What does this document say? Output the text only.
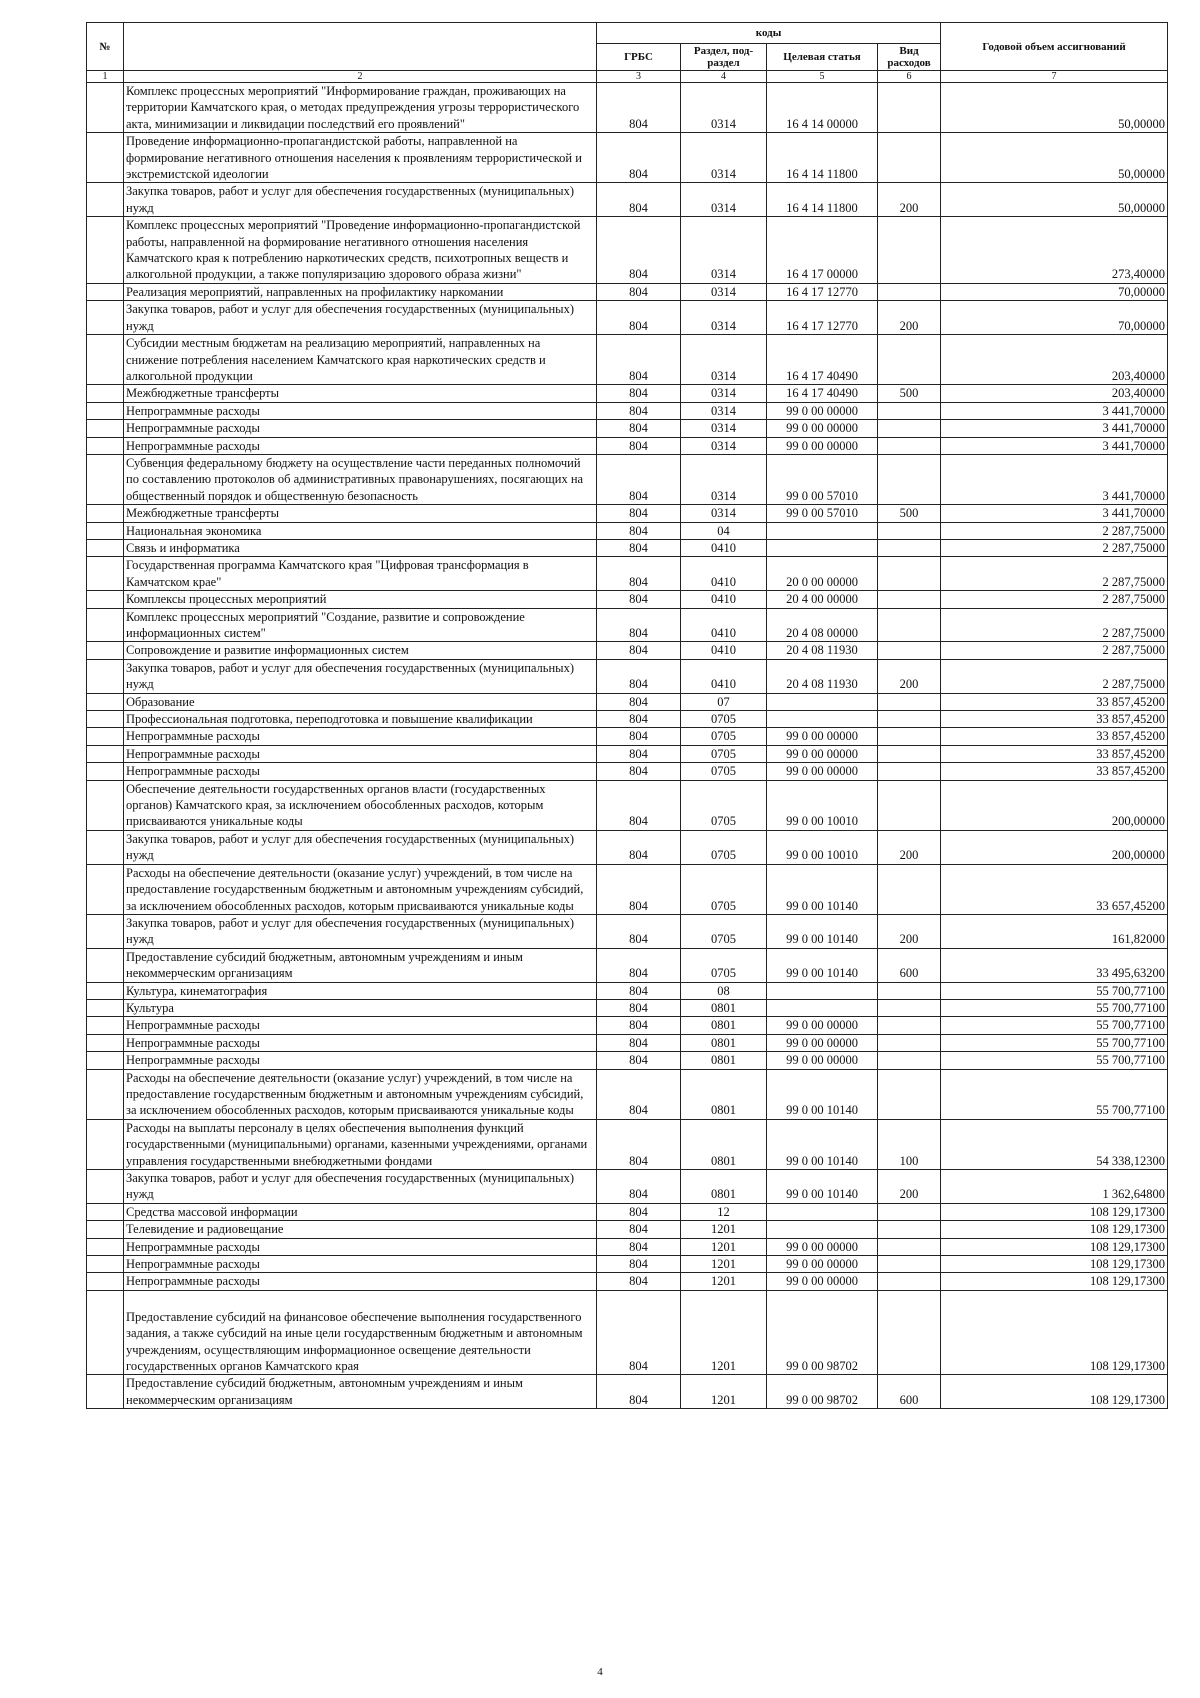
№		коды				Годовой объем ассигнований
		ГРБС	Раздел, под-раздел	Целевая статья	Вид расходов	
1	2	3	4	5	6	7
	Комплекс процессных мероприятий "Информирование граждан, проживающих на территории Камчатского края, о методах предупреждения угрозы террористического акта, минимизации и ликвидации последствий его проявлений"	804	0314	16 4 14 00000		50,00000
	Проведение информационно-пропагандистской работы, направленной на формирование негативного отношения населения к проявлениям террористической и экстремистской идеологии	804	0314	16 4 14 11800		50,00000
	Закупка товаров, работ и услуг для обеспечения государственных (муниципальных) нужд	804	0314	16 4 14 11800	200	50,00000
	Комплекс процессных мероприятий "Проведение информационно-пропагандистской работы, направленной на формирование негативного отношения населения Камчатского края к потреблению наркотических средств, психотропных веществ и алкогольной продукции, а также популяризацию здорового образа жизни"	804	0314	16 4 17 00000		273,40000
	Реализация мероприятий, направленных на профилактику наркомании	804	0314	16 4 17 12770		70,00000
	Закупка товаров, работ и услуг для обеспечения государственных (муниципальных) нужд	804	0314	16 4 17 12770	200	70,00000
	Субсидии местным бюджетам на реализацию мероприятий, направленных на снижение потребления населением Камчатского края наркотических средств и алкогольной продукции	804	0314	16 4 17 40490		203,40000
	Межбюджетные трансферты	804	0314	16 4 17 40490	500	203,40000
	Непрограммные расходы	804	0314	99 0 00 00000		3 441,70000
	Непрограммные расходы	804	0314	99 0 00 00000		3 441,70000
	Непрограммные расходы	804	0314	99 0 00 00000		3 441,70000
	Субвенция федеральному бюджету на осуществление части переданных полномочий по составлению протоколов об административных правонарушениях, посягающих на общественный порядок и общественную безопасность	804	0314	99 0 00 57010		3 441,70000
	Межбюджетные трансферты	804	0314	99 0 00 57010	500	3 441,70000
	Национальная экономика	804	04			2 287,75000
	Связь и информатика	804	0410			2 287,75000
	Государственная программа Камчатского края "Цифровая трансформация в Камчатском крае"	804	0410	20 0 00 00000		2 287,75000
	Комплексы процессных мероприятий	804	0410	20 4 00 00000		2 287,75000
	Комплекс процессных мероприятий "Создание, развитие и сопровождение информационных систем"	804	0410	20 4 08 00000		2 287,75000
	Сопровождение и развитие информационных систем	804	0410	20 4 08 11930		2 287,75000
	Закупка товаров, работ и услуг для обеспечения государственных (муниципальных) нужд	804	0410	20 4 08 11930	200	2 287,75000
	Образование	804	07			33 857,45200
	Профессиональная подготовка, переподготовка и повышение квалификации	804	0705			33 857,45200
	Непрограммные расходы	804	0705	99 0 00 00000		33 857,45200
	Непрограммные расходы	804	0705	99 0 00 00000		33 857,45200
	Непрограммные расходы	804	0705	99 0 00 00000		33 857,45200
	Обеспечение деятельности государственных органов власти (государственных органов) Камчатского края, за исключением обособленных расходов, которым присваиваются уникальные коды	804	0705	99 0 00 10010		200,00000
	Закупка товаров, работ и услуг для обеспечения государственных (муниципальных) нужд	804	0705	99 0 00 10010	200	200,00000
	Расходы на обеспечение деятельности (оказание услуг) учреждений, в том числе на предоставление государственным бюджетным и автономным учреждениям субсидий, за исключением обособленных расходов, которым присваиваются уникальные коды	804	0705	99 0 00 10140		33 657,45200
	Закупка товаров, работ и услуг для обеспечения государственных (муниципальных) нужд	804	0705	99 0 00 10140	200	161,82000
	Предоставление субсидий бюджетным, автономным учреждениям и иным некоммерческим организациям	804	0705	99 0 00 10140	600	33 495,63200
	Культура, кинематография	804	08			55 700,77100
	Культура	804	0801			55 700,77100
	Непрограммные расходы	804	0801	99 0 00 00000		55 700,77100
	Непрограммные расходы	804	0801	99 0 00 00000		55 700,77100
	Непрограммные расходы	804	0801	99 0 00 00000		55 700,77100
	Расходы на обеспечение деятельности (оказание услуг) учреждений, в том числе на предоставление государственным бюджетным и автономным учреждениям субсидий, за исключением обособленных расходов, которым присваиваются уникальные коды	804	0801	99 0 00 10140		55 700,77100
	Расходы на выплаты персоналу в целях обеспечения выполнения функций государственными (муниципальными) органами, казенными учреждениями, органами управления государственными внебюджетными фондами	804	0801	99 0 00 10140	100	54 338,12300
	Закупка товаров, работ и услуг для обеспечения государственных (муниципальных) нужд	804	0801	99 0 00 10140	200	1 362,64800
	Средства массовой информации	804	12			108 129,17300
	Телевидение и радиовещание	804	1201			108 129,17300
	Непрограммные расходы	804	1201	99 0 00 00000		108 129,17300
	Непрограммные расходы	804	1201	99 0 00 00000		108 129,17300
	Непрограммные расходы	804	1201	99 0 00 00000		108 129,17300
	Предоставление субсидий на финансовое обеспечение выполнения государственного задания, а также субсидий на иные цели государственным бюджетным и автономным учреждениям, осуществляющим информационное освещение деятельности государственных органов Камчатского края	804	1201	99 0 00 98702		108 129,17300
	Предоставление субсидий бюджетным, автономным учреждениям и иным некоммерческим организациям	804	1201	99 0 00 98702	600	108 129,17300
4
